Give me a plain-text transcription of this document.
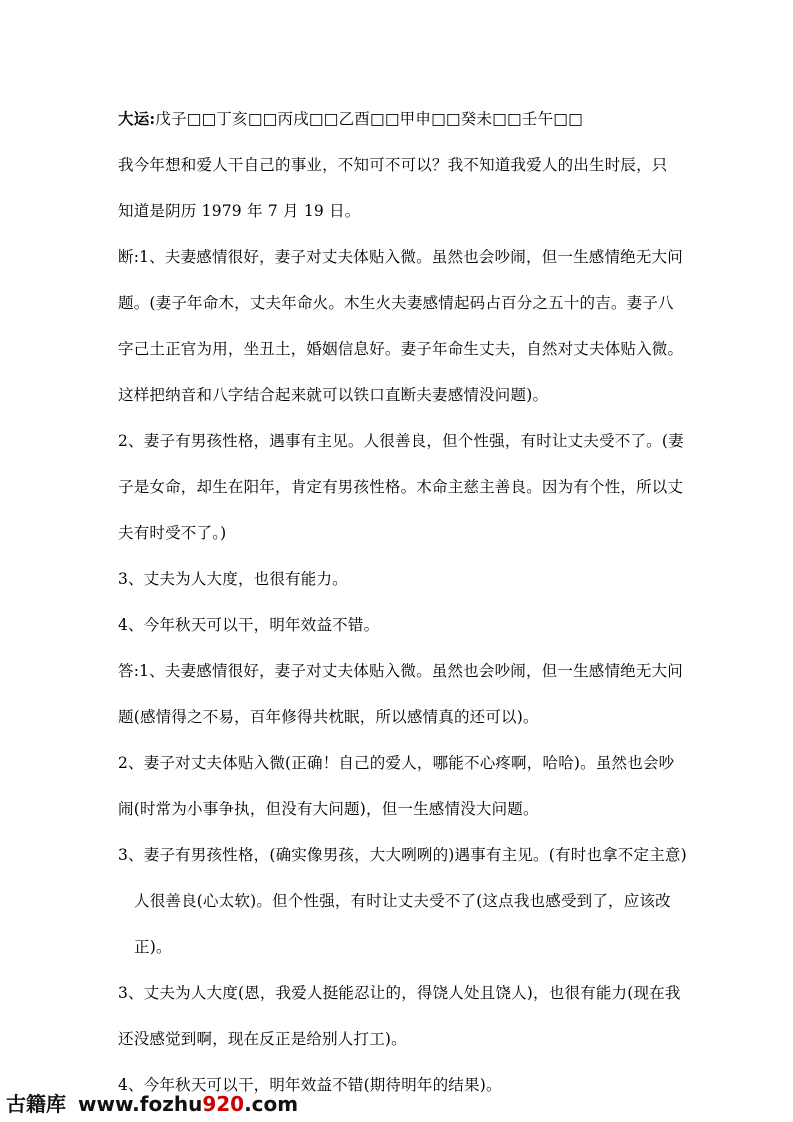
大运:戊子□□丁亥□□丙戌□□乙酉□□甲申□□癸未□□壬午□□
我今年想和爱人干自己的事业，不知可不可以？我不知道我爱人的出生时辰，只
知道是阴历 1979 年 7 月 19 日。
断:1、夫妻感情很好，妻子对丈夫体贴入微。虽然也会吵闹，但一生感情绝无大问
题。(妻子年命木，丈夫年命火。木生火夫妻感情起码占百分之五十的吉。妻子八
字己土正官为用，坐丑土，婚姻信息好。妻子年命生丈夫，自然对丈夫体贴入微。
这样把纳音和八字结合起来就可以铁口直断夫妻感情没问题)。
2、妻子有男孩性格，遇事有主见。人很善良，但个性强，有时让丈夫受不了。(妻
子是女命，却生在阳年，肯定有男孩性格。木命主慈主善良。因为有个性，所以丈
夫有时受不了。)
3、丈夫为人大度，也很有能力。
4、今年秋天可以干，明年效益不错。
答:1、夫妻感情很好，妻子对丈夫体贴入微。虽然也会吵闹，但一生感情绝无大问
题(感情得之不易，百年修得共枕眠，所以感情真的还可以)。
2、妻子对丈夫体贴入微(正确！自己的爱人，哪能不心疼啊，哈哈)。虽然也会吵
闹(时常为小事争执，但没有大问题)，但一生感情没大问题。
3、妻子有男孩性格，(确实像男孩，大大咧咧的)遇事有主见。(有时也拿不定主意)
人很善良(心太软)。但个性强，有时让丈夫受不了(这点我也感受到了，应该改
正)。
3、丈夫为人大度(恩，我爱人挺能忍让的，得饶人处且饶人)，也很有能力(现在我
还没感觉到啊，现在反正是给别人打工)。
4、今年秋天可以干，明年效益不错(期待明年的结果)。
古籍库 www.fozhu920.com
